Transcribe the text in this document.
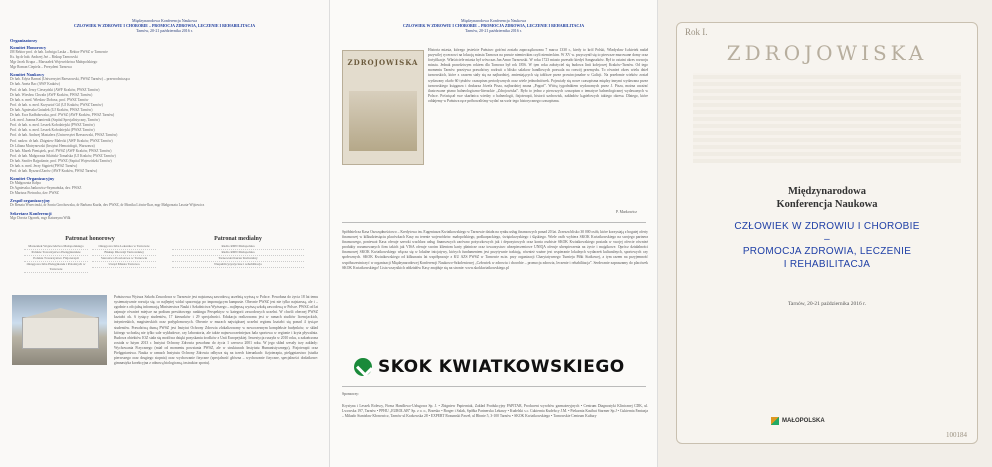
Międzynarodowa Konferencja Naukowa
CZŁOWIEK W ZDROWIU I CHOROBIE – PROMOCJA ZDROWIA, LECZENIE I REHABILITACJA
Tarnów, 20-21 października 2016 r.
Organizatorzy
Komitet Honorowy
JM Rektor prof. dr hab. Jadwiga Laska – Rektor PWSZ w Tarnowie
Ks. bp dr hab. Andrzej Jeż – Biskup Tarnowski
Mgr Jacek Krupa – Marszałek Województwa Małopolskiego
Mgr Roman Ciepiela – Prezydent Tarnowa
Komitet Naukowy
Dr hab. Edyta Barnaś (Uniwersytet Rzeszowski, PWSZ Tarnów) – przewodnicząca
Dr hab. Aneta Bac (AWF Kraków)
Prof. dr hab. Jerzy Cieszyński (AWF Kraków, PWSZ Tarnów)
Dr hab. Wiesław Chwała (AWF Kraków, PWSZ Tarnów)
Dr hab. n. med. Wiesław Dobosz, prof. PWSZ Tarnów
Prof. dr hab. n. med. Krzysztof Gil (UJ Kraków, PWSZ Tarnów)
Dr hab. Agnieszka Gniadek (UJ Kraków, PWSZ Tarnów)
Dr hab. Ewa Kadłubowska, prof. PWSZ (AWF Kraków, PWSZ Tarnów)
Lek. med. Joanna Kamienik (Szpital Specjalistyczny, Tarnów)
Prof. dr hab. n. med. Leszek Kołodziejski (PWSZ Tarnów)
Prof. dr hab. n. med. Leszek Kołodziejski (PWSZ Tarnów)
Prof. dr hab. Andrzej Mastalerz (Uniwersytet Rzeszowski, PWSZ Tarnów)
Prof. nadzw. dr hab. Zbigniew Małecki (AWF Kraków, PWSZ Tarnów)
Dr Liliana Mutrynowski (Instytut Hematologii, Warszawa)
Dr hab. Marek Pieniążek, prof. PWSZ (AWF Kraków, PWSZ Tarnów)
Prof. dr hab. Małgorzata Sikiński-Tomalska (UJ Kraków, PWSZ Tarnów)
Dr hab. Sznifer Rajpolanie, prof. PWSZ (Szpital Wojewódzki Tarnów)
Dr hab. n. med. Jerzy Stępień (PWSZ Tarnów)
Prof. dr hab. Ryszard Żarów (AWF Kraków, PWSZ Tarnów)
Komitet Organizacyjny
Dr Małgorzata Kołpa
Dr Agnieszka Jankowicz-Szymańska, dzv. PWSZ
Dr Mariusz Pietracha, dzv. PWSZ
Zespół organizacyjny
Dr Renata Wrzecinski, dr Sonia Grochowska, dr Barbara Kuzła, dzv PWSZ, dr Monika Litwin-Ikar, mgr Małgorzata Lasota-Wijtowicz
Sekretarz Konferencji
Mgr Dorota Ogonek, mgr Katarzyna Wilk
Patronat honorowy
Marszałek Województwa Małopolskiego
Polskie Towarzystwo Pielęgniarskie
Polskie Towarzystwo Fizjoterapii
Okręgowa Izba Pielęgniarek i Położnych w Tarnowie
Okręgowa Izba Lekarska w Tarnowie
Biskup Diecezji Tarnowskiej
Starostwo Powiatowe w Tarnowie
Urząd Miasta Tarnowa
Patronat medialny
Radio RDN Małopolska
Radio RDN Małopolska
Tarnowski Kurier Kulturalny
Niepublicysystyczne i rehabilitacja
Państwowa Wyższa Szkoła Zawodowa w Tarnowie jest najstarszą zawodową uczelnią wyższą w Polsce. Powołana do życia 18 lat temu systematycznie rozwija się, co najlepiej widać spacerując po imponującym kampusie. Obecnie PWSZ jest nie tylko najstarszą, ale i – zgodnie z oficjalną informacją Ministerstwa Nauki i Szkolnictwa Wyższego – najlepszą wyższą szkołą zawodową w Polsce. PWSZ od lat zajmuje również miejsce na podium prestiżowego rankingu Perspektyw w kategorii zawodowych uczelni. W chwili obecnej PWSZ kształci ok. 6 tysięcy studentów, 17 kierunków i 29 specjalności. Edukacja realizowana jest w ramach studiów licencjackich, inżynierskich, magisterskich oraz podyplomowych. Obecnie w murach największej uczelni regionu kształci się ponad 4 tysiące studentów. Prawdziwą dumą PWSZ jest Instytut Ochrony Zdrowia zlokalizowany w nowoczesnym kompleksie budynków, w skład którego wchodzą nie tylko sale wykładowe, czy laboratoria, ale także najnowocześniejsza hala sportowa w regionie i kryta pływalnia. Budowa obiektów IOZ stała się możliwa dzięki pozyskaniu środków z Unii Europejskiej. Inwestycja ruszyła w 2010 roku, a zakończona została w lutym 2013 r. Instytut Ochrony Zdrowia powołano do życia 1 czerwca 2001 roku. W jego skład weszły trzy zakłady: Wychowania Fizycznego (miał od momentu powstania PWSZ, ale w strukturach Instytutu Humanistycznego), Fizjoterapii oraz Pielęgniarstwa. Nauka w ramach Instytutu Ochrony Zdrowia odbywa się na trzech kierunkach: fizjoterapia, pielęgniarstwo (studia pierwszego oraz drugiego stopnia) oraz wychowanie fizyczne (specjalność główna – wychowanie fizyczne, specjalności dodatkowe: gimnastyka korekcyjna z odnową biologiczną, instruktor sportu).
Międzynarodowa Konferencja Naukowa
CZŁOWIEK W ZDROWIU I CHOROBIE – PROMOCJA ZDROWIA, LECZENIE I REHABILITACJA
Tarnów, 20-21 października 2016 r.
ZDROJOWISKA
Historia miasta, którego jesteście Państwo gośćmi została zapoczątkowana 7 marca 1330 r., kiedy to król Polski, Władysław Łokietek nadał przywilej rycerzowi na lokację miasta Tarnowa na prawie niemieckim czyli niemieckim. W XV w. przyczynił się to pierwsze murowane domy oraz fortyfikacje. Właściciele miasta był wówczas Jan Amor Tarnowski. W roku 1723 miasto przeszło kiedyś Sanguszków. Był to ostatni okres rozwoju miasta. Jednak prawdziwym rokiem dla Tarnowa był rok 1856. W tym roku założyciel się budowa linii kolejowej Kraków-Tarnów. Od tego momentu Tarnów przeżywa prawdziwy rozkwit a blisko salakow handlowych pozwala na rozwój przemysłu. To również okres wielu dzieł tarnowskich, które z czasem stały się na najbardziej, zmieniających się tablicze przez prowincjonalne w Galicji. Na przełomie wieków został wydawany około 60 tytułów czasopism periodycznych oraz wiele jednodniówek. Pojawiały się nowe czasopisma między innymi wydawana przez tarnowskiego księgarza i drukarza Józefa Pisza, najbardziej znana „Pogoń”. Wtórą tygodnikiem wydawanych przez J. Pisza, można uważać ilustrowane pismo balneologiczno-literackie „Zdrojowiska”. Było to jedno z pierwszych czasopism o tematyce balneologicznej wydawanych w Polsce. Poświęcał swe skarbnica wiedzy o balneologii, fizjoterapii, historii uzdrowisk, zakładów kąpielowych takiego okresu. Dlatego, które oddajemy w Państwa ręce próbowaliśmy wydać na wzór tego historycznego czasopisma.
P. Markowicz
Spółdzielcza Kasa Oszczędnościowo – Kredytowa im. Eugeniusza Kwiatkowskiego w Tarnowie działa na rynku usług finansowych ponad 20 lat. Zrzesza blisko 30 000 osób, które korzystają z bogatej oferty finansowej w kilkudziesięciu placówkach Kasy na terenie województw: małopolskiego, podkarpackiego, świętokrzyskiego i śląskiego. Wiele osób wybiera SKOK Kwiatkowskiego na swojego partnera finansowego, ponieważ Kasa oferuje szeroki wachlarz usług finansowych zarówno pożyczkowych jak i depozytowych oraz konta osobiste SKOK Kwiatkowskiego posiada w swojej ofercie również produkty rozumowanych firm takich jak VISA oferuje swoim klientom karty płatnicze oraz towarzystwo ubezpieczeniowe UNIQA oferuje ubezpieczenia na życie i majątkowe. Oprócz działalności finansowej SKOK Kwiatkowskiego włącza się w lokalne inicjatywy, których fundamentem jest pozytywnie traktują, również ważne jest wspieranie lokalnych wydarzeń kulturalnych, sportowych czy społecznych. SKOK Kwiatkowskiego od kilkunastu lat współpracuje z KU AZS PWSZ w Tarnowie m.in. przy organizacji Charytatywnego Turnieju Piłki Siatkowej, a tym razem na przyjemność współuczestniczyć w organizacji Międzynarodowej Konferencji Naukowo-Szkoleniowej „Człowiek w zdrowiu i chorobie – promocja zdrowia, leczenie i rehabilitacja”. Serdecznie zapraszamy do placówek SKOK Kwiatkowskiego! Lista wszystkich oddziałów Kasy znajduje się na stronie: www.skokkwiatkowskiego.pl
SKOK KWIATKOWSKIEGO
Sponsorzy:
Krystyna i Leszek Rolescy, Firma Handlowo-Usługowa Sp. J. • Zbigniew Papierniak, Zakład Produkcyjny PAPITAR, Producent wyrobów garmażeryjnych • Centrum Diagnostyki Klinicznej CDK, ul. Lwowska 197, Tarnów • PPHU „EUROLAB” Sp. z o. o., Brzesko • Borger i Salak, Spółka Partnerska Lekarzy • Kudelski s.c. Cukiernia Kudelscy J.M. • Piekarnia Kasibut Starmer Sp.J • Cukiernia Fantazja – Mikado Stanisław Kłonowicz, Tarnów ul Krakowska 28 • EXPERT Rozumski Paweł, ul Błonie 5, 3-100 Tarnów • SKOK Kwiatkowskiego • Tarnowskie Centrum Kultury
Rok I.
ZDROJOWISKA
Międzynarodowa
Konferencja Naukowa
CZŁOWIEK W ZDROWIU I CHOROBIE
–
PROMOCJA ZDROWIA, LECZENIE
I REHABILITACJA
Tarnów, 20-21 października 2016 r.
MAŁOPOLSKA
100184
